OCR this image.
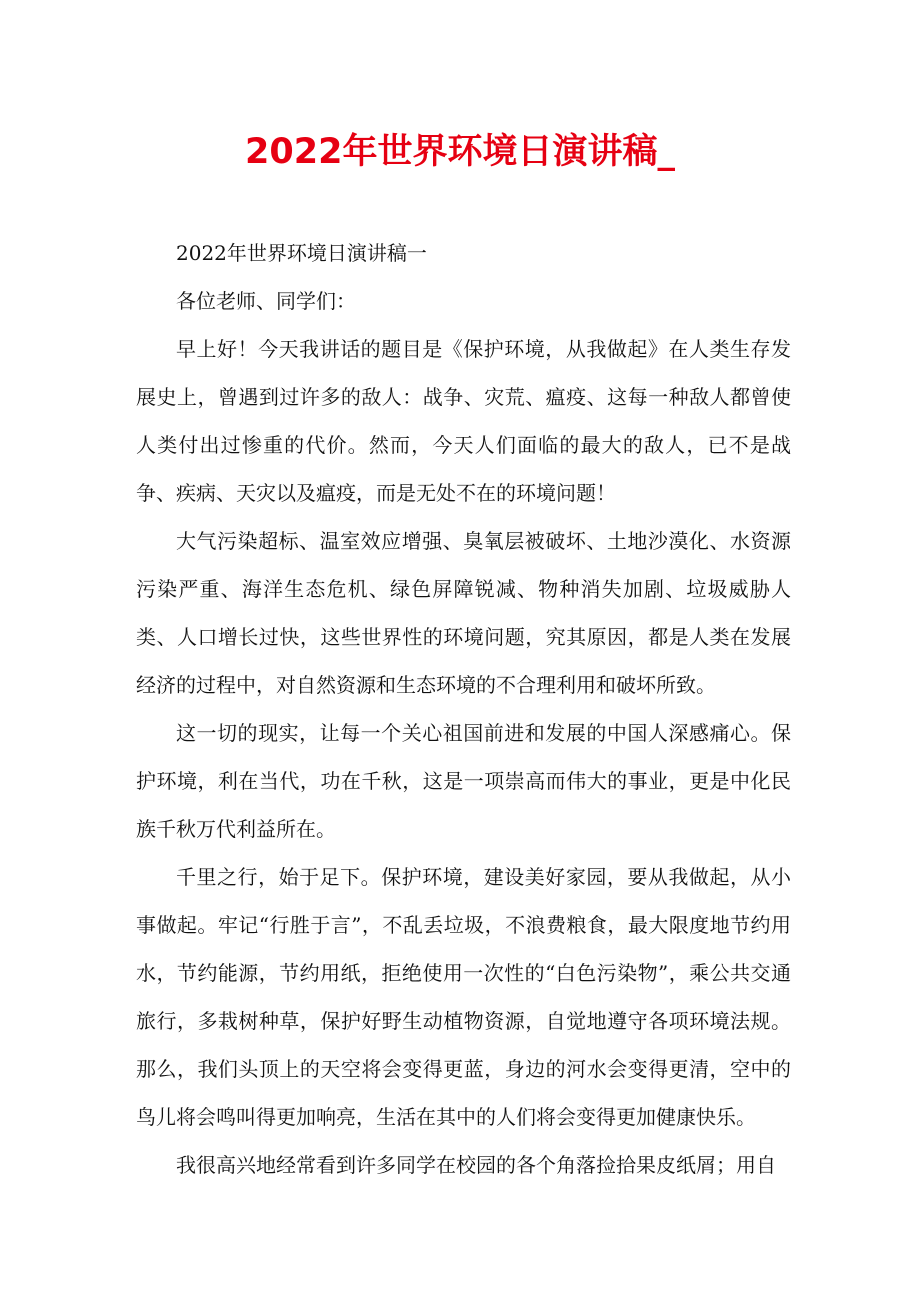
2022年世界环境日演讲稿_

2022年世界环境日演讲稿一

各位老师、同学们：

早上好！今天我讲话的题目是《保护环境，从我做起》在人类生存发展史上，曾遇到过许多的敌人：战争、灾荒、瘟疫、这每一种敌人都曾使人类付出过惨重的代价。然而，今天人们面临的最大的敌人，已不是战争、疾病、天灾以及瘟疫，而是无处不在的环境问题！

大气污染超标、温室效应增强、臭氧层被破坏、土地沙漠化、水资源污染严重、海洋生态危机、绿色屏障锐减、物种消失加剧、垃圾威胁人类、人口增长过快，这些世界性的环境问题，究其原因，都是人类在发展经济的过程中，对自然资源和生态环境的不合理利用和破坏所致。

这一切的现实，让每一个关心祖国前进和发展的中国人深感痛心。保护环境，利在当代，功在千秋，这是一项崇高而伟大的事业，更是中化民族千秋万代利益所在。

千里之行，始于足下。保护环境，建设美好家园，要从我做起，从小事做起。牢记“行胜于言”，不乱丢垃圾，不浪费粮食，最大限度地节约用水，节约能源，节约用纸，拒绝使用一次性的“白色污染物”，乘公共交通旅行，多栽树种草，保护好野生动植物资源，自觉地遵守各项环境法规。那么，我们头顶上的天空将会变得更蓝，身边的河水会变得更清，空中的鸟儿将会鸣叫得更加响亮，生活在其中的人们将会变得更加健康快乐。

我很高兴地经常看到许多同学在校园的各个角落捡拾果皮纸屑；用自
